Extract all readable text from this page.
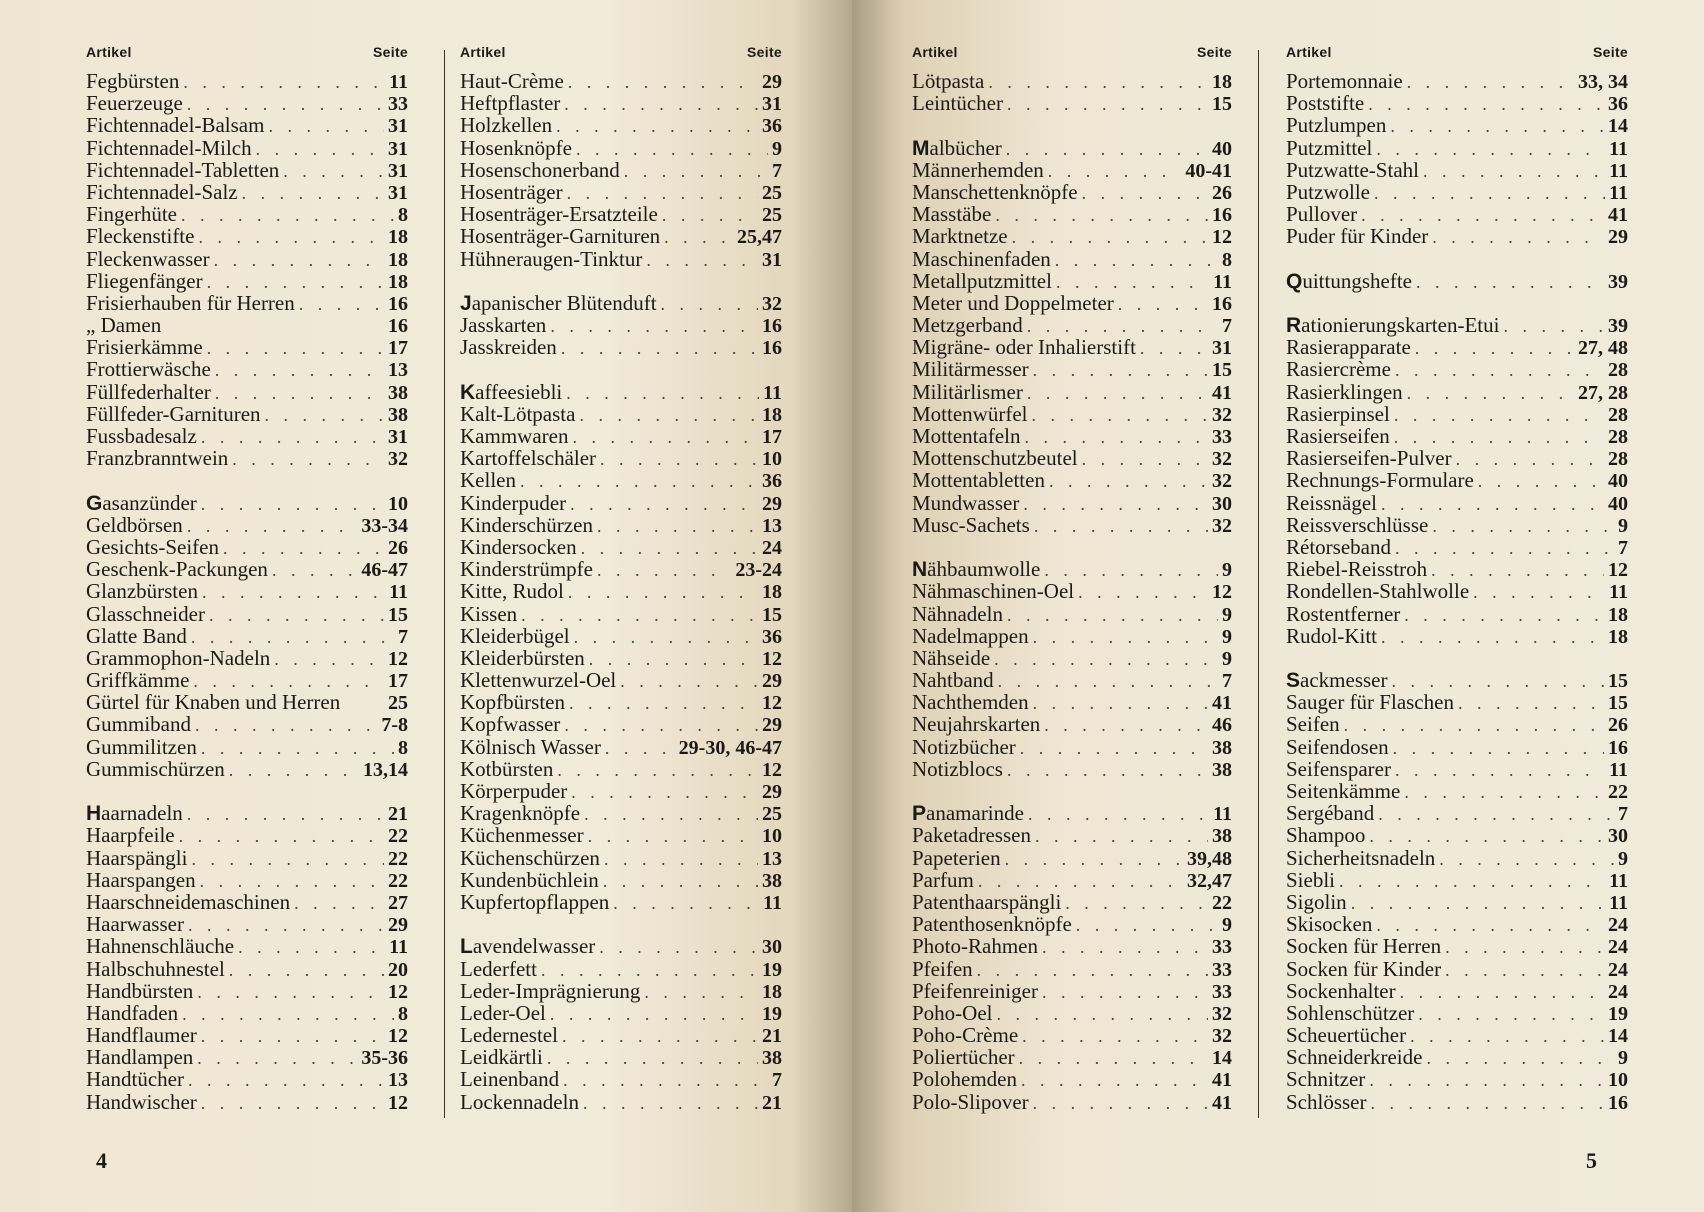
Artikel	Seite
Fegbürsten . . .	11
Feuerzeuge . . .	33
Fichtennadel-Balsam . . .	31
Fichtennadel-Milch . . .	31
Fichtennadel-Tabletten . . .	31
Fichtennadel-Salz . . .	31
Fingerhüte . . .	8
Fleckenstifte . . .	18
Fleckenwasser . . .	18
Fliegenfänger . . .	18
Frisierhauben für Herren . . .	16
„ Damen	16
Frisierkämme . . .	17
Frottierwäsche . . .	13
Füllfederhalter . . .	38
Füllfeder-Garnituren . . .	38
Fussbadesalz . . .	31
Franzbranntwein . . .	32
Gasanzünder . . .	10
Geldbörsen . . .	33-34
Gesichts-Seifen . . .	26
Geschenk-Packungen . . .	46-47
Glanzbürsten . . .	11
Glasschneider . . .	15
Glatte Band . . .	7
Grammophon-Nadeln . . .	12
Griffkämme . . .	17
Gürtel für Knaben und Herren 25
Gummiband . . .	7-8
Gummilitzen . . .	8
Gummischürzen . . .	13,14
Haarnadeln . . .	21
Haarpfeile . . .	22
Haarspängli . . .	22
Haarspangen . . .	22
Haarschneidemaschinen . . .	27
Haarwasser . . .	29
Hahnenschläuche . . .	11
Halbschuhnestel . . .	20
Handbürsten . . .	12
Handfaden . . .	8
Handflaumer . . .	12
Handlampen . . .	35-36
Handtücher . . .	13
Handwischer . . .	12
Artikel	Seite
Haut-Crème . . .	29
Heftpflaster . . .	31
Holzkellen . . .	36
Hosenknöpfe . . .	9
Hosenschonerband . . .	7
Hosenträger . . .	25
Hosenträger-Ersatzteile . . .	25
Hosenträger-Garnituren . . .	25,47
Hühneraugen-Tinktur . . .	31
Japanischer Blütenduft . . .	32
Jasskarten . . .	16
Jasskreiden . . .	16
Kaffeesiebli . . .	11
Kalt-Lötpasta . . .	18
Kammwaren . . .	17
Kartoffelschäler . . .	10
Kellen . . .	36
Kinderpuder . . .	29
Kinderschürzen . . .	13
Kindersocken . . .	24
Kinderstrümpfe . . .	23-24
Kitte, Rudol . . .	18
Kissen . . .	15
Kleiderbügel . . .	36
Kleiderbürsten . . .	12
Klettenwurzel-Oel . . .	29
Kopfbürsten . . .	12
Kopfwasser . . .	29
Kölnisch Wasser . . .	29-30, 46-47
Kotbürsten . . .	12
Körperpuder . . .	29
Kragenknöpfe . . .	25
Küchenmesser . . .	10
Küchenschürzen . . .	13
Kundenbüchlein . . .	38
Kupfertopflappen . . .	11
Lavendelwasser . . .	30
Lederfett . . .	19
Leder-Imprägnierung . . .	18
Leder-Oel . . .	19
Ledernestel . . .	21
Leidkärtli . . .	38
Leinenband . . .	7
Lockennadeln . . .	21
4
Artikel	Seite
Lötpasta . . .	18
Leintücher . . .	15
Malbücher . . .	40
Männerhemden . . .	40-41
Manschettenknöpfe . . .	26
Masstäbe . . .	16
Marktnetze . . .	12
Maschinenfaden . . .	8
Metallputzmittel . . .	11
Meter und Doppelmeter . . .	16
Metzgerband . . .	7
Migräne- oder Inhalierstift . . .	31
Militärmesser . . .	15
Militärlismer . . .	41
Mottenwürfel . . .	32
Mottentafeln . . .	33
Mottenschutzbeutel . . .	32
Mottentabletten . . .	32
Mundwasser . . .	30
Musc-Sachets . . .	32
Nähbaumwolle . . .	9
Nähmaschinen-Oel . . .	12
Nähnadeln . . .	9
Nadelmappen . . .	9
Nähseide . . .	9
Nahtband . . .	7
Nachthemden . . .	41
Neujahrskarten . . .	46
Notizbücher . . .	38
Notizblocs . . .	38
Panamarinde . . .	11
Paketadressen . . .	38
Papeterien . . .	39,48
Parfum . . .	32,47
Patenthaarspängli . . .	22
Patenthosenknöpfe . . .	9
Photo-Rahmen . . .	33
Pfeifen . . .	33
Pfeifenreiniger . . .	33
Poho-Oel . . .	32
Poho-Crème . . .	32
Poliertücher . . .	14
Polohemden . . .	41
Polo-Slipover . . .	41
Artikel	Seite
Portemonnaie . . .	33, 34
Poststifte . . .	36
Putzlumpen . . .	14
Putzmittel . . .	11
Putzwatte-Stahl . . .	11
Putzwolle . . .	11
Pullover . . .	41
Puder für Kinder . . .	29
Quittungshefte . . .	39
Rationierungskarten-Etui . . .	39
Rasierapparate . . .	27, 48
Rasiercrème . . .	28
Rasierklingen . . .	27, 28
Rasierpinsel . . .	28
Rasierseifen . . .	28
Rasierseifen-Pulver . . .	28
Rechnungs-Formulare . . .	40
Reissnägel . . .	40
Reissverschlüsse . . .	9
Rétorseband . . .	7
Riebel-Reisstroh . . .	12
Rondellen-Stahlwolle . . .	11
Rostentferner . . .	18
Rudol-Kitt . . .	18
Sackmesser . . .	15
Sauger für Flaschen . . .	15
Seifen . . .	26
Seifendosen . . .	16
Seifensparer . . .	11
Seitenkämme . . .	22
Sergéband . . .	7
Shampoo . . .	30
Sicherheitsnadeln . . .	9
Siebli . . .	11
Sigolin . . .	11
Skisocken . . .	24
Socken für Herren . . .	24
Socken für Kinder . . .	24
Sockenhalter . . .	24
Sohlenschützer . . .	19
Scheuertücher . . .	14
Schneiderkreide . . .	9
Schnitzer . . .	10
Schlösser . . .	16
5
